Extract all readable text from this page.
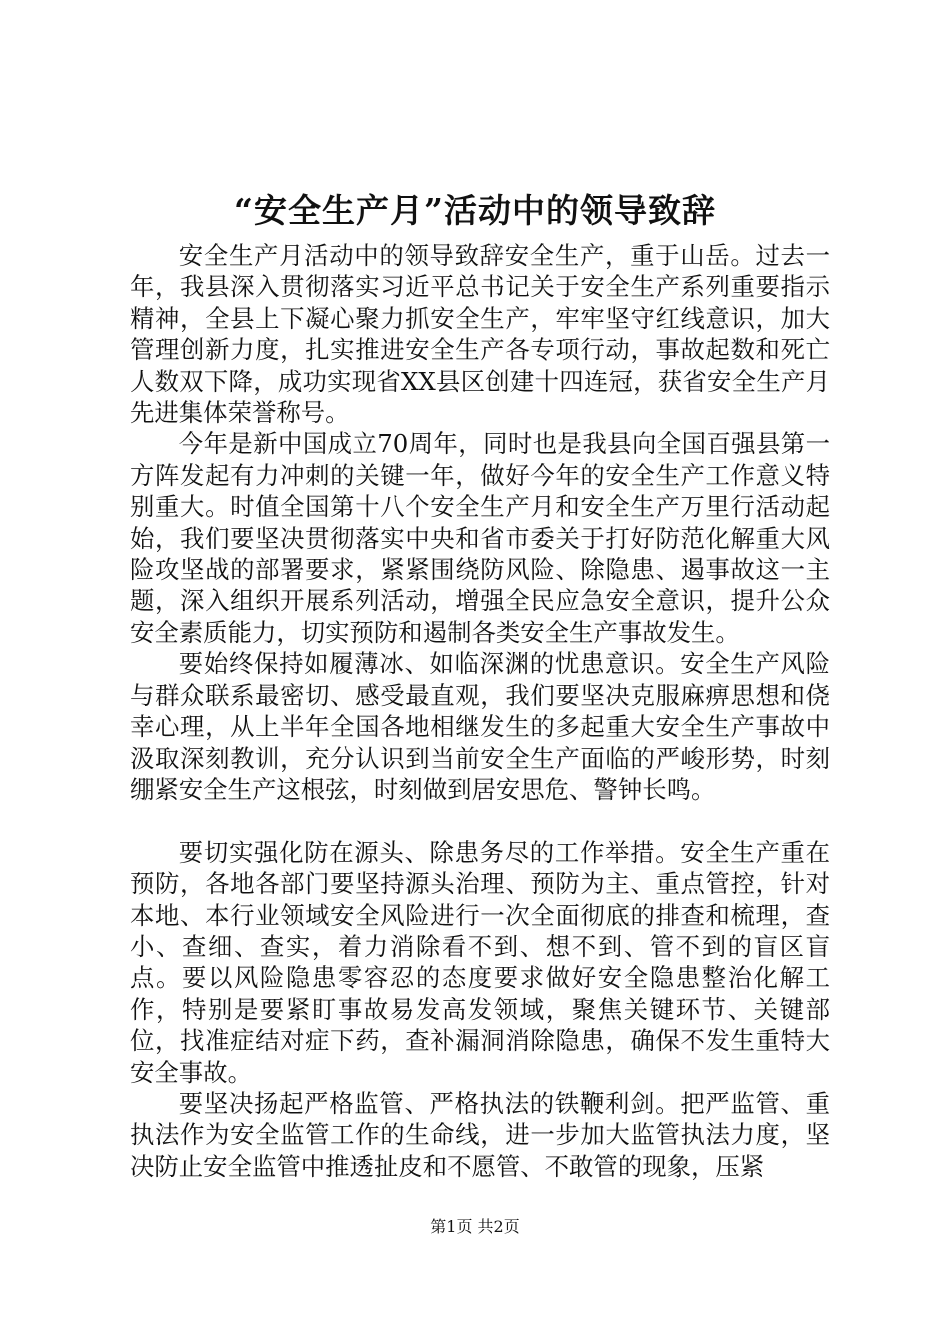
“安全生产月”活动中的领导致辞

安全生产月活动中的领导致辞安全生产，重于山岳。过去一年，我县深入贯彻落实习近平总书记关于安全生产系列重要指示精神，全县上下凝心聚力抓安全生产，牢牢坚守红线意识，加大管理创新力度，扎实推进安全生产各专项行动，事故起数和死亡人数双下降，成功实现省XX县区创建十四连冠，获省安全生产月先进集体荣誉称号。

今年是新中国成立70周年，同时也是我县向全国百强县第一方阵发起有力冲刺的关键一年，做好今年的安全生产工作意义特别重大。时值全国第十八个安全生产月和安全生产万里行活动起始，我们要坚决贯彻落实中央和省市委关于打好防范化解重大风险攻坚战的部署要求，紧紧围绕防风险、除隐患、遏事故这一主题，深入组织开展系列活动，增强全民应急安全意识，提升公众安全素质能力，切实预防和遏制各类安全生产事故发生。

要始终保持如履薄冰、如临深渊的忧患意识。安全生产风险与群众联系最密切、感受最直观，我们要坚决克服麻痹思想和侥幸心理，从上半年全国各地相继发生的多起重大安全生产事故中汲取深刻教训，充分认识到当前安全生产面临的严峻形势，时刻绷紧安全生产这根弦，时刻做到居安思危、警钟长鸣。

要切实强化防在源头、除患务尽的工作举措。安全生产重在预防，各地各部门要坚持源头治理、预防为主、重点管控，针对本地、本行业领域安全风险进行一次全面彻底的排查和梳理，查小、查细、查实，着力消除看不到、想不到、管不到的盲区盲点。要以风险隐患零容忍的态度要求做好安全隐患整治化解工作，特别是要紧盯事故易发高发领域，聚焦关键环节、关键部位，找准症结对症下药，查补漏洞消除隐患，确保不发生重特大安全事故。

要坚决扬起严格监管、严格执法的铁鞭利剑。把严监管、重执法作为安全监管工作的生命线，进一步加大监管执法力度，坚决防止安全监管中推透扯皮和不愿管、不敢管的现象，压紧

第1页 共2页
